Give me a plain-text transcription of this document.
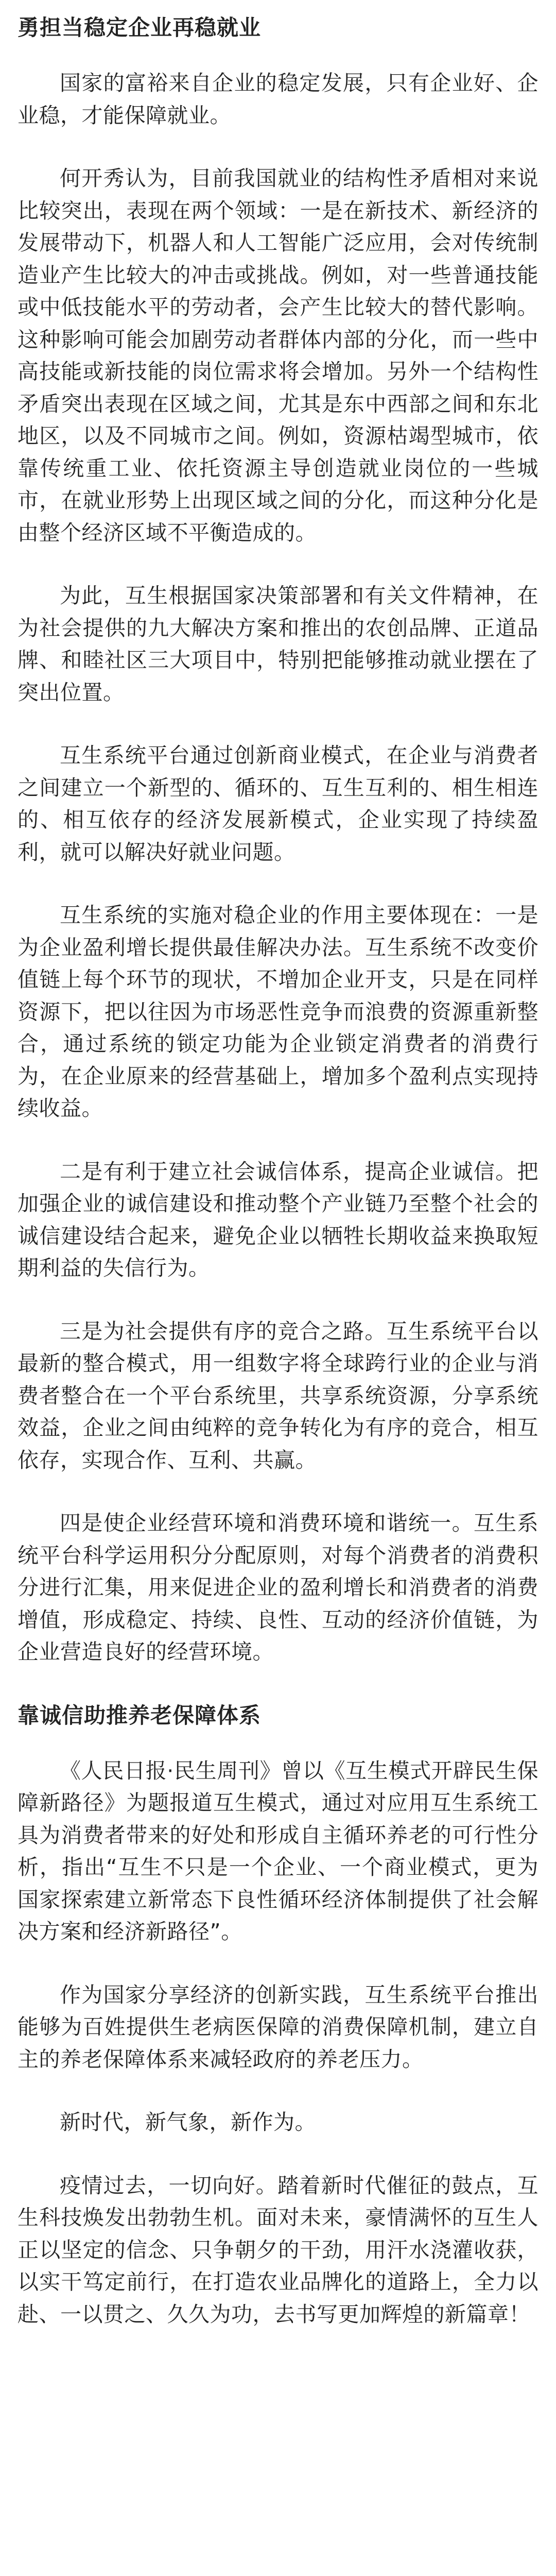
勇担当稳定企业再稳就业

国家的富裕来自企业的稳定发展，只有企业好、企业稳，才能保障就业。

何开秀认为，目前我国就业的结构性矛盾相对来说比较突出，表现在两个领域：一是在新技术、新经济的发展带动下，机器人和人工智能广泛应用，会对传统制造业产生比较大的冲击或挑战。例如，对一些普通技能或中低技能水平的劳动者，会产生比较大的替代影响。这种影响可能会加剧劳动者群体内部的分化，而一些中高技能或新技能的岗位需求将会增加。另外一个结构性矛盾突出表现在区域之间，尤其是东中西部之间和东北地区，以及不同城市之间。例如，资源枯竭型城市，依靠传统重工业、依托资源主导创造就业岗位的一些城市，在就业形势上出现区域之间的分化，而这种分化是由整个经济区域不平衡造成的。

为此，互生根据国家决策部署和有关文件精神，在为社会提供的九大解决方案和推出的农创品牌、正道品牌、和睦社区三大项目中，特别把能够推动就业摆在了突出位置。

互生系统平台通过创新商业模式，在企业与消费者之间建立一个新型的、循环的、互生互利的、相生相连的、相互依存的经济发展新模式，企业实现了持续盈利，就可以解决好就业问题。

互生系统的实施对稳企业的作用主要体现在：一是为企业盈利增长提供最佳解决办法。互生系统不改变价值链上每个环节的现状，不增加企业开支，只是在同样资源下，把以往因为市场恶性竞争而浪费的资源重新整合，通过系统的锁定功能为企业锁定消费者的消费行为，在企业原来的经营基础上，增加多个盈利点实现持续收益。

二是有利于建立社会诚信体系，提高企业诚信。把加强企业的诚信建设和推动整个产业链乃至整个社会的诚信建设结合起来，避免企业以牺牲长期收益来换取短期利益的失信行为。

三是为社会提供有序的竞合之路。互生系统平台以最新的整合模式，用一组数字将全球跨行业的企业与消费者整合在一个平台系统里，共享系统资源，分享系统效益，企业之间由纯粹的竞争转化为有序的竞合，相互依存，实现合作、互利、共赢。

四是使企业经营环境和消费环境和谐统一。互生系统平台科学运用积分分配原则，对每个消费者的消费积分进行汇集，用来促进企业的盈利增长和消费者的消费增值，形成稳定、持续、良性、互动的经济价值链，为企业营造良好的经营环境。

靠诚信助推养老保障体系

《人民日报·民生周刊》曾以《互生模式开辟民生保障新路径》为题报道互生模式，通过对应用互生系统工具为消费者带来的好处和形成自主循环养老的可行性分析，指出“互生不只是一个企业、一个商业模式，更为国家探索建立新常态下良性循环经济体制提供了社会解决方案和经济新路径”。

作为国家分享经济的创新实践，互生系统平台推出能够为百姓提供生老病医保障的消费保障机制，建立自主的养老保障体系来减轻政府的养老压力。

新时代，新气象，新作为。

疫情过去，一切向好。踏着新时代催征的鼓点，互生科技焕发出勃勃生机。面对未来，豪情满怀的互生人正以坚定的信念、只争朝夕的干劲，用汗水浇灌收获，以实干笃定前行，在打造农业品牌化的道路上，全力以赴、一以贯之、久久为功，去书写更加辉煌的新篇章！
